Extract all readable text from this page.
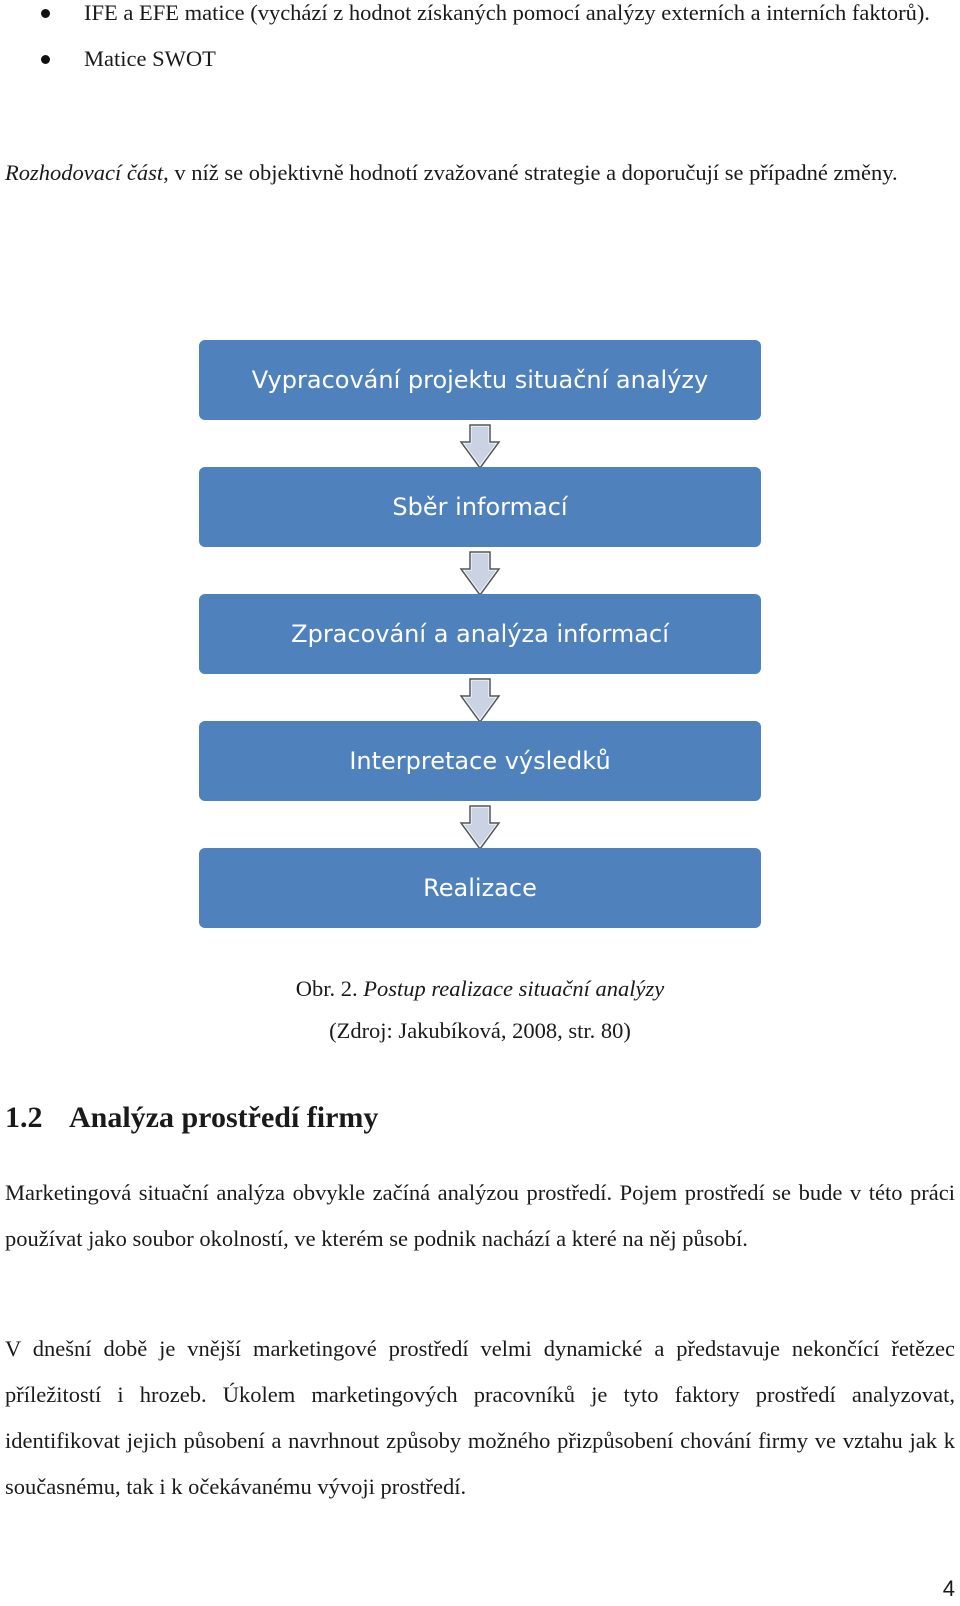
IFE a EFE matice (vychází z hodnot získaných pomocí analýzy externích a interních faktorů).
Matice SWOT

Rozhodovací část, v níž se objektivně hodnotí zvažované strategie a doporučují se případné změny.

Vypracování projektu situační analýzy
Sběr informací
Zpracování a analýza informací
Interpretace výsledků
Realizace
Obr. 2. Postup realizace situační analýzy
(Zdroj: Jakubíková, 2008, str. 80)
1.2 Analýza prostředí firmy

Marketingová situační analýza obvykle začíná analýzou prostředí. Pojem prostředí se bude v této práci používat jako soubor okolností, ve kterém se podnik nachází a které na něj působí.

V dnešní době je vnější marketingové prostředí velmi dynamické a představuje nekončící řetězec příležitostí i hrozeb. Úkolem marketingových pracovníků je tyto faktory prostředí analyzovat, identifikovat jejich působení a navrhnout způsoby možného přizpůsobení chování firmy ve vztahu jak k současnému, tak i k očekávanému vývoji prostředí.

4
